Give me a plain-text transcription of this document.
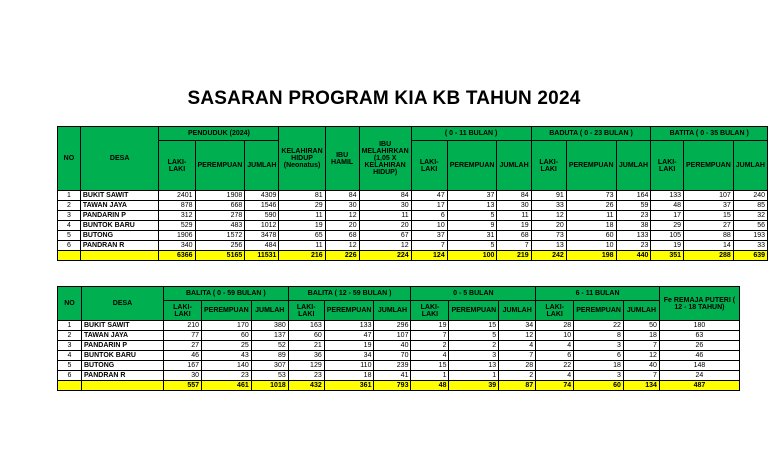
SASARAN PROGRAM KIA KB TAHUN 2024
NO	DESA	PENDUDUK (2024)			KELAHIRAN HIDUP (Neonatus)	IBU HAMIL	IBU MELAHIRKAN (1,05 X KELAHIRAN HIDUP)	( 0 - 11 BULAN )			BADUTA ( 0 - 23 BULAN )			BATITA ( 0 - 35 BULAN )		
		LAKI-LAKI	PEREMPUAN	JUMLAH				LAKI-LAKI	PEREMPUAN	JUMLAH	LAKI-LAKI	PEREMPUAN	JUMLAH	LAKI-LAKI	PEREMPUAN	JUMLAH

1	BUKIT SAWIT	2401	1908	4309	81	84	84	47	37	84	91	73	164	133	107	240
2	TAWAN JAYA	878	668	1546	29	30	30	17	13	30	33	26	59	48	37	85
3	PANDARIN P	312	278	590	11	12	11	6	5	11	12	11	23	17	15	32
4	BUNTOK BARU	529	483	1012	19	20	20	10	9	19	20	18	38	29	27	56
5	BUTONG	1906	1572	3478	65	68	67	37	31	68	73	60	133	105	88	193
6	PANDRAN R	340	256	484	11	12	12	7	5	7	13	10	23	19	14	33
		6366	5165	11531	216	226	224	124	100	219	242	198	440	351	288	639
NO	DESA	BALITA ( 0 - 59 BULAN )			BALITA ( 12 - 59 BULAN )			0 - 5 BULAN			6 - 11 BULAN			Fe REMAJA PUTERI ( 12 - 18 TAHUN)
		LAKI-LAKI	PEREMPUAN	JUMLAH	LAKI-LAKI	PEREMPUAN	JUMLAH	LAKI-LAKI	PEREMPUAN	JUMLAH	LAKI-LAKI	PEREMPUAN	JUMLAH	
1	BUKIT SAWIT	210	170	380	163	133	296	19	15	34	28	22	50	180
2	TAWAN JAYA	77	60	137	60	47	107	7	5	12	10	8	18	63
3	PANDARIN P	27	25	52	21	19	40	2	2	4	4	3	7	26
4	BUNTOK BARU	46	43	89	36	34	70	4	3	7	6	6	12	46
5	BUTONG	167	140	307	129	110	239	15	13	28	22	18	40	148
6	PANDRAN R	30	23	53	23	18	41	1	1	2	4	3	7	24
		557	461	1018	432	361	793	48	39	87	74	60	134	487
